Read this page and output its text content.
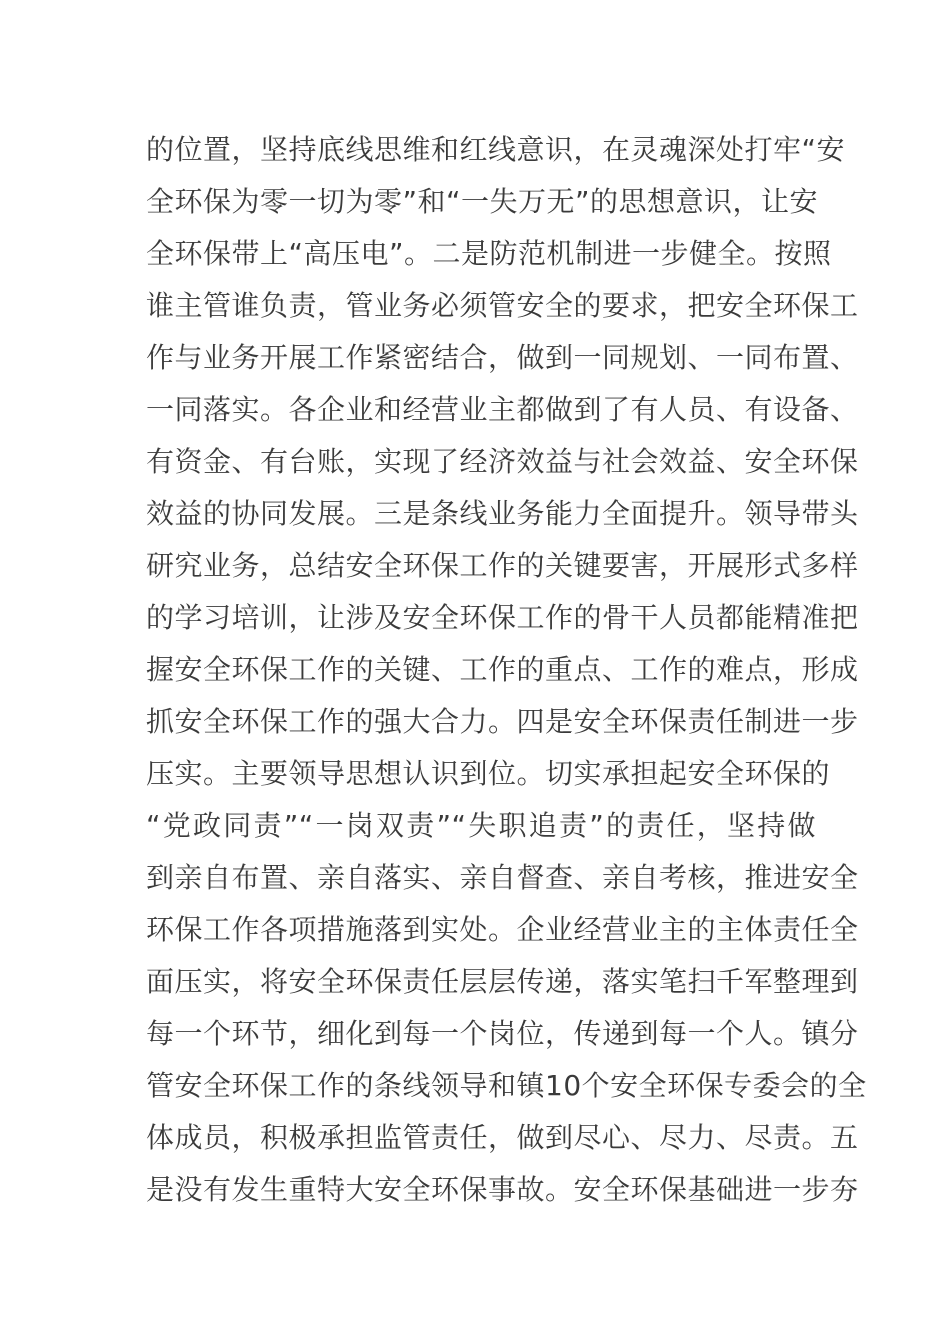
的位置，坚持底线思维和红线意识，在灵魂深处打牢“安
全环保为零一切为零”和“一失万无”的思想意识，让安
全环保带上“高压电”。二是防范机制进一步健全。按照
谁主管谁负责，管业务必须管安全的要求，把安全环保工
作与业务开展工作紧密结合，做到一同规划、一同布置、
一同落实。各企业和经营业主都做到了有人员、有设备、
有资金、有台账，实现了经济效益与社会效益、安全环保
效益的协同发展。三是条线业务能力全面提升。领导带头
研究业务，总结安全环保工作的关键要害，开展形式多样
的学习培训，让涉及安全环保工作的骨干人员都能精准把
握安全环保工作的关键、工作的重点、工作的难点，形成
抓安全环保工作的强大合力。四是安全环保责任制进一步
压实。主要领导思想认识到位。切实承担起安全环保的
“党政同责”“一岗双责”“失职追责”的责任，坚持做
到亲自布置、亲自落实、亲自督查、亲自考核，推进安全
环保工作各项措施落到实处。企业经营业主的主体责任全
面压实，将安全环保责任层层传递，落实笔扫千军整理到
每一个环节，细化到每一个岗位，传递到每一个人。镇分
管安全环保工作的条线领导和镇10个安全环保专委会的全
体成员，积极承担监管责任，做到尽心、尽力、尽责。五
是没有发生重特大安全环保事故。安全环保基础进一步夯
